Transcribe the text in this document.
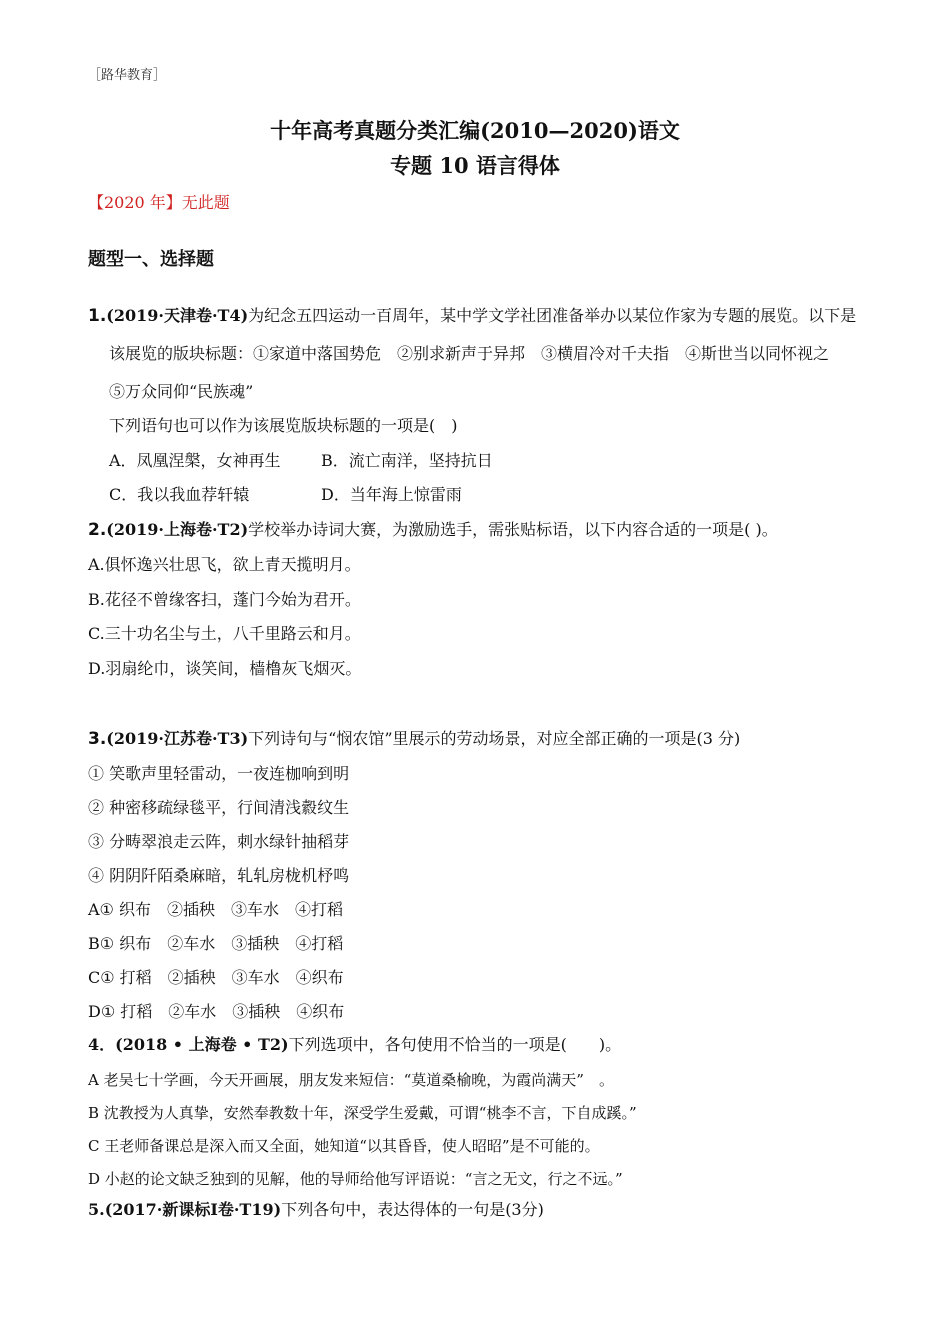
［路华教育］
十年高考真题分类汇编(2010—2020)语文
专题 10 语言得体
【2020 年】无此题
题型一、选择题
1.(2019·天津卷·T4)为纪念五四运动一百周年，某中学文学社团准备举办以某位作家为专题的展览。以下是
该展览的版块标题：①家道中落国势危　②别求新声于异邦　③横眉冷对千夫指　④斯世当以同怀视之
⑤万众同仰“民族魂”
下列语句也可以作为该展览版块标题的一项是(　)
A．凤凰涅槃，女神再生	B．流亡南洋，坚持抗日
C．我以我血荐轩辕	D．当年海上惊雷雨
2.(2019·上海卷·T2)学校举办诗词大赛，为激励选手，需张贴标语，以下内容合适的一项是( )。
A.俱怀逸兴壮思飞，欲上青天揽明月。
B.花径不曾缘客扫，蓬门今始为君开。
C.三十功名尘与土，八千里路云和月。
D.羽扇纶巾，谈笑间，樯橹灰飞烟灭。
3.(2019·江苏卷·T3)下列诗句与“悯农馆”里展示的劳动场景，对应全部正确的一项是(3 分)
① 笑歌声里轻雷动，一夜连枷响到明
② 种密移疏绿毯平，行间清浅縠纹生
③ 分畴翠浪走云阵，刺水绿针抽稻芽
④ 阴阴阡陌桑麻暗，轧轧房栊机杼鸣
A① 织布　②插秧　③车水　④打稻
B① 织布　②车水　③插秧　④打稻
C① 打稻　②插秧　③车水　④织布
D① 打稻　②车水　③插秧　④织布
4．(2018 • 上海卷 • T2)下列选项中，各句使用不恰当的一项是(　　)。
A 老吴七十学画，今天开画展，朋友发来短信：“莫道桑榆晚，为霞尚满天”　。
B 沈教授为人真挚，安然奉教数十年，深受学生爱戴，可谓“桃李不言，下自成蹊。”
C 王老师备课总是深入而又全面，她知道“以其昏昏，使人昭昭”是不可能的。
D 小赵的论文缺乏独到的见解，他的导师给他写评语说：“言之无文，行之不远。”
5.(2017·新课标Ⅰ卷·T19)下列各句中，表达得体的一句是(3分)
